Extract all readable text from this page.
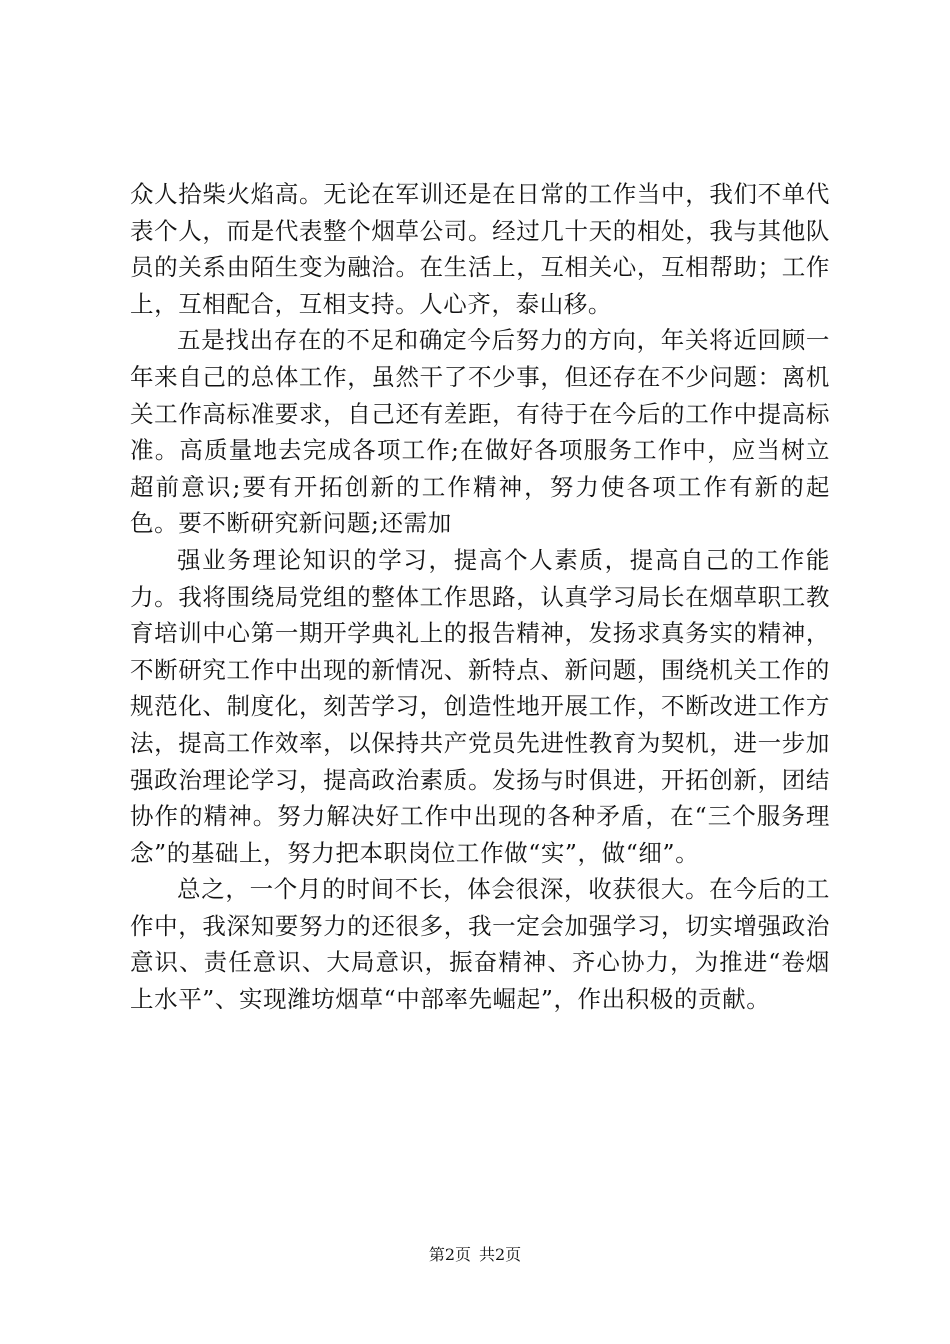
众人拾柴火焰高。无论在军训还是在日常的工作当中，我们不单代表个人，而是代表整个烟草公司。经过几十天的相处，我与其他队员的关系由陌生变为融洽。在生活上，互相关心，互相帮助；工作上，互相配合，互相支持。人心齐，泰山移。

五是找出存在的不足和确定今后努力的方向，年关将近回顾一年来自己的总体工作，虽然干了不少事，但还存在不少问题：离机关工作高标准要求，自己还有差距，有待于在今后的工作中提高标准。高质量地去完成各项工作;在做好各项服务工作中，应当树立超前意识;要有开拓创新的工作精神，努力使各项工作有新的起色。要不断研究新问题;还需加

强业务理论知识的学习，提高个人素质，提高自己的工作能力。我将围绕局党组的整体工作思路，认真学习局长在烟草职工教育培训中心第一期开学典礼上的报告精神，发扬求真务实的精神，不断研究工作中出现的新情况、新特点、新问题，围绕机关工作的规范化、制度化，刻苦学习，创造性地开展工作，不断改进工作方法，提高工作效率，以保持共产党员先进性教育为契机，进一步加强政治理论学习，提高政治素质。发扬与时俱进，开拓创新，团结协作的精神。努力解决好工作中出现的各种矛盾，在“三个服务理念”的基础上，努力把本职岗位工作做“实”，做“细”。

总之，一个月的时间不长，体会很深，收获很大。在今后的工作中，我深知要努力的还很多，我一定会加强学习，切实增强政治意识、责任意识、大局意识，振奋精神、齐心协力，为推进“卷烟上水平”、实现潍坊烟草“中部率先崛起”，作出积极的贡献。

第2页 共2页
